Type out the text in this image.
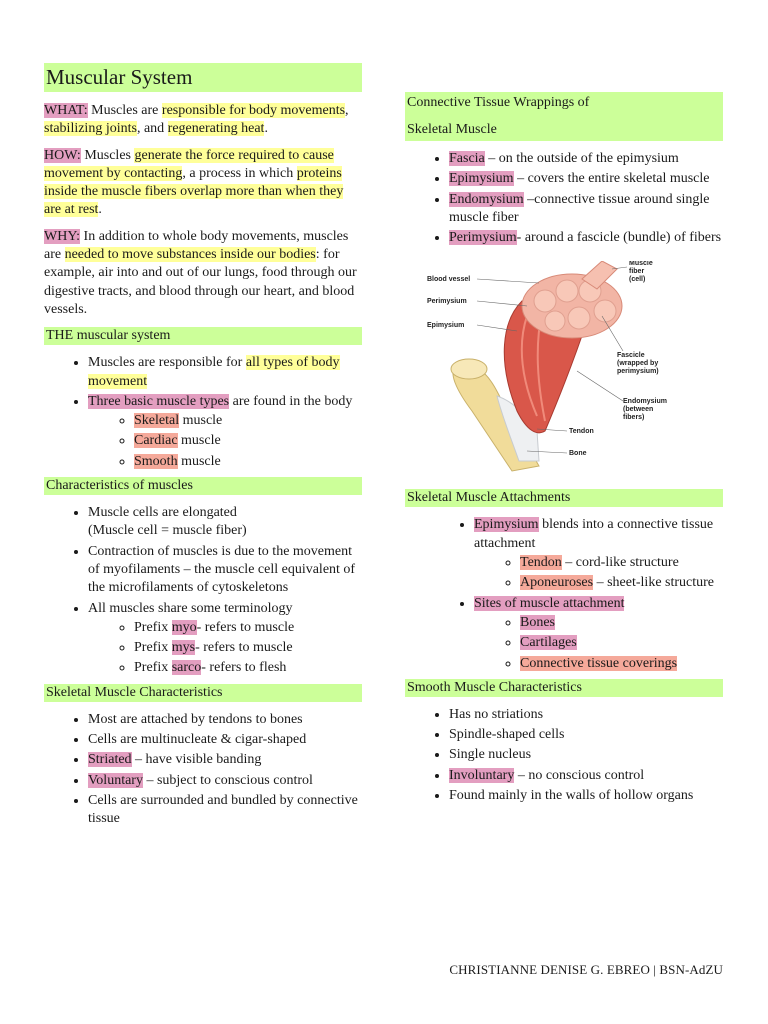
Muscular System

WHAT: Muscles are responsible for body movements, stabilizing joints, and regenerating heat.

HOW: Muscles generate the force required to cause movement by contacting, a process in which proteins inside the muscle fibers overlap more than when they are at rest.

WHY: In addition to whole body movements, muscles are needed to move substances inside our bodies: for example, air into and out of our lungs, food through our digestive tracts, and blood through our heart, and blood vessels.

THE muscular system
• Muscles are responsible for all types of body movement
• Three basic muscle types are found in the body
◦ Skeletal muscle
◦ Cardiac muscle
◦ Smooth muscle
Characteristics of muscles
• Muscle cells are elongated
(Muscle cell = muscle fiber)
• Contraction of muscles is due to the movement of myofilaments – the muscle cell equivalent of the microfilaments of cytoskeletons
• All muscles share some terminology
◦ Prefix myo- refers to muscle
◦ Prefix mys- refers to muscle
◦ Prefix sarco- refers to flesh
Skeletal Muscle Characteristics
• Most are attached by tendons to bones
• Cells are multinucleate & cigar-shaped
• Striated – have visible banding
• Voluntary – subject to conscious control
• Cells are surrounded and bundled by connective tissue
Connective Tissue Wrappings of
Skeletal Muscle
• Fascia – on the outside of the epimysium
• Epimysium – covers the entire skeletal muscle
• Endomysium –connective tissue around single muscle fiber
• Perimysium- around a fascicle (bundle) of fibers
Blood vessel
Perimysium
Epimysium
Muscle
fiber
(cell)
Fascicle
(wrapped by
perimysium)
Endomysium
(between
fibers)
Tendon
Bone
Skeletal Muscle Attachments
• Epimysium blends into a connective tissue attachment
◦ Tendon – cord-like structure
◦ Aponeuroses – sheet-like structure
• Sites of muscle attachment
◦ Bones
◦ Cartilages
◦ Connective tissue coverings
Smooth Muscle Characteristics
• Has no striations
• Spindle-shaped cells
• Single nucleus
• Involuntary – no conscious control
• Found mainly in the walls of hollow organs
CHRISTIANNE DENISE G. EBREO | BSN-AdZU
